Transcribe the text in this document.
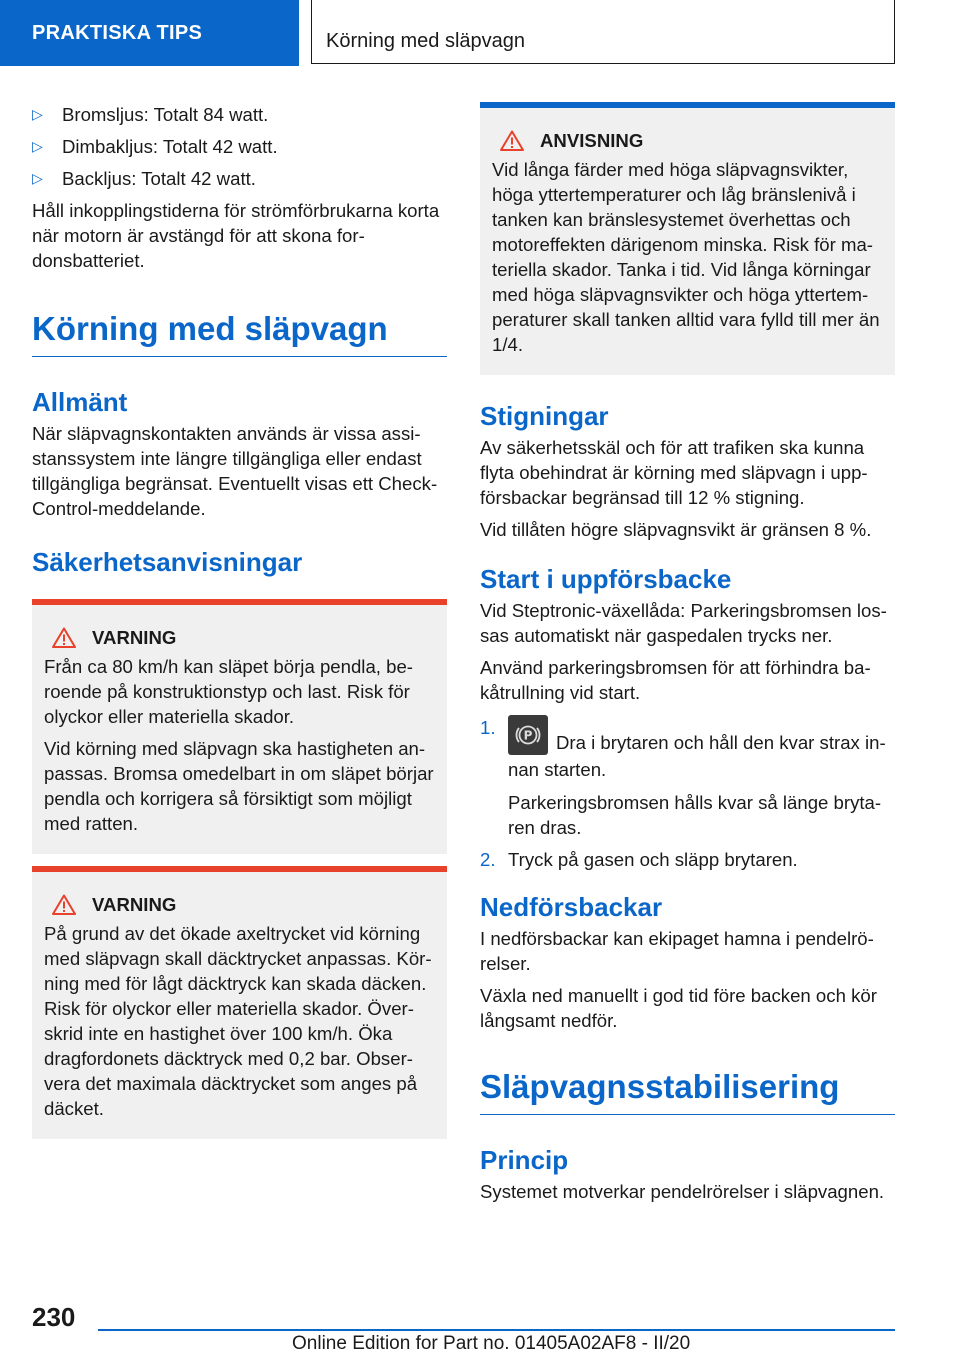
PRAKTISKA TIPS	Körning med släpvagn
▷ Bromsljus: Totalt 84 watt.
▷ Dimbakljus: Totalt 42 watt.
▷ Backljus: Totalt 42 watt.

Håll inkopplingstiderna för strömförbrukarna korta när motorn är avstängd för att skona fordonsbatteriet.

Körning med släpvagn
Allmänt

När släpvagnskontakten används är vissa assistanssystem inte längre tillgängliga eller endast tillgängliga begränsat. Eventuellt visas ett Check-Control-meddelande.

Säkerhetsanvisningar
VARNING

Från ca 80 km/h kan släpet börja pendla, beroende på konstruktionstyp och last. Risk för olyckor eller materiella skador.

Vid körning med släpvagn ska hastigheten anpassas. Bromsa omedelbart in om släpet börjar pendla och korrigera så försiktigt som möjligt med ratten.

VARNING

På grund av det ökade axeltrycket vid körning med släpvagn skall däcktrycket anpassas. Körning med för lågt däcktryck kan skada däcken. Risk för olyckor eller materiella skador. Överskrid inte en hastighet över 100 km/h. Öka dragfordonets däcktryck med 0,2 bar. Observera det maximala däcktrycket som anges på däcket.

ANVISNING

Vid långa färder med höga släpvagnsvikter, höga yttertemperaturer och låg bränslenivå i tanken kan bränslesystemet överhettas och motoreffekten därigenom minska. Risk för materiella skador. Tanka i tid. Vid långa körningar med höga släpvagnsvikter och höga yttertemperaturer skall tanken alltid vara fylld till mer än 1/4.

Stigningar

Av säkerhetsskäl och för att trafiken ska kunna flyta obehindrat är körning med släpvagn i uppförsbackar begränsad till 12 % stigning.

Vid tillåten högre släpvagnsvikt är gränsen 8 %.

Start i uppförsbacke

Vid Steptronic-växellåda: Parkeringsbromsen lossas automatiskt när gaspedalen trycks ner.

Använd parkeringsbromsen för att förhindra bakåtrullning vid start.

1. P Dra i brytaren och håll den kvar strax innan starten.

Parkeringsbromsen hålls kvar så länge brytaren dras.

2. Tryck på gasen och släpp brytaren.

Nedförsbackar

I nedförsbackar kan ekipaget hamna i pendelrörelser.

Växla ned manuellt i god tid före backen och kör långsamt nedför.

Släpvagnsstabilisering
Princip

Systemet motverkar pendelrörelser i släpvagnen.

230
Online Edition for Part no. 01405A02AF8 - II/20
